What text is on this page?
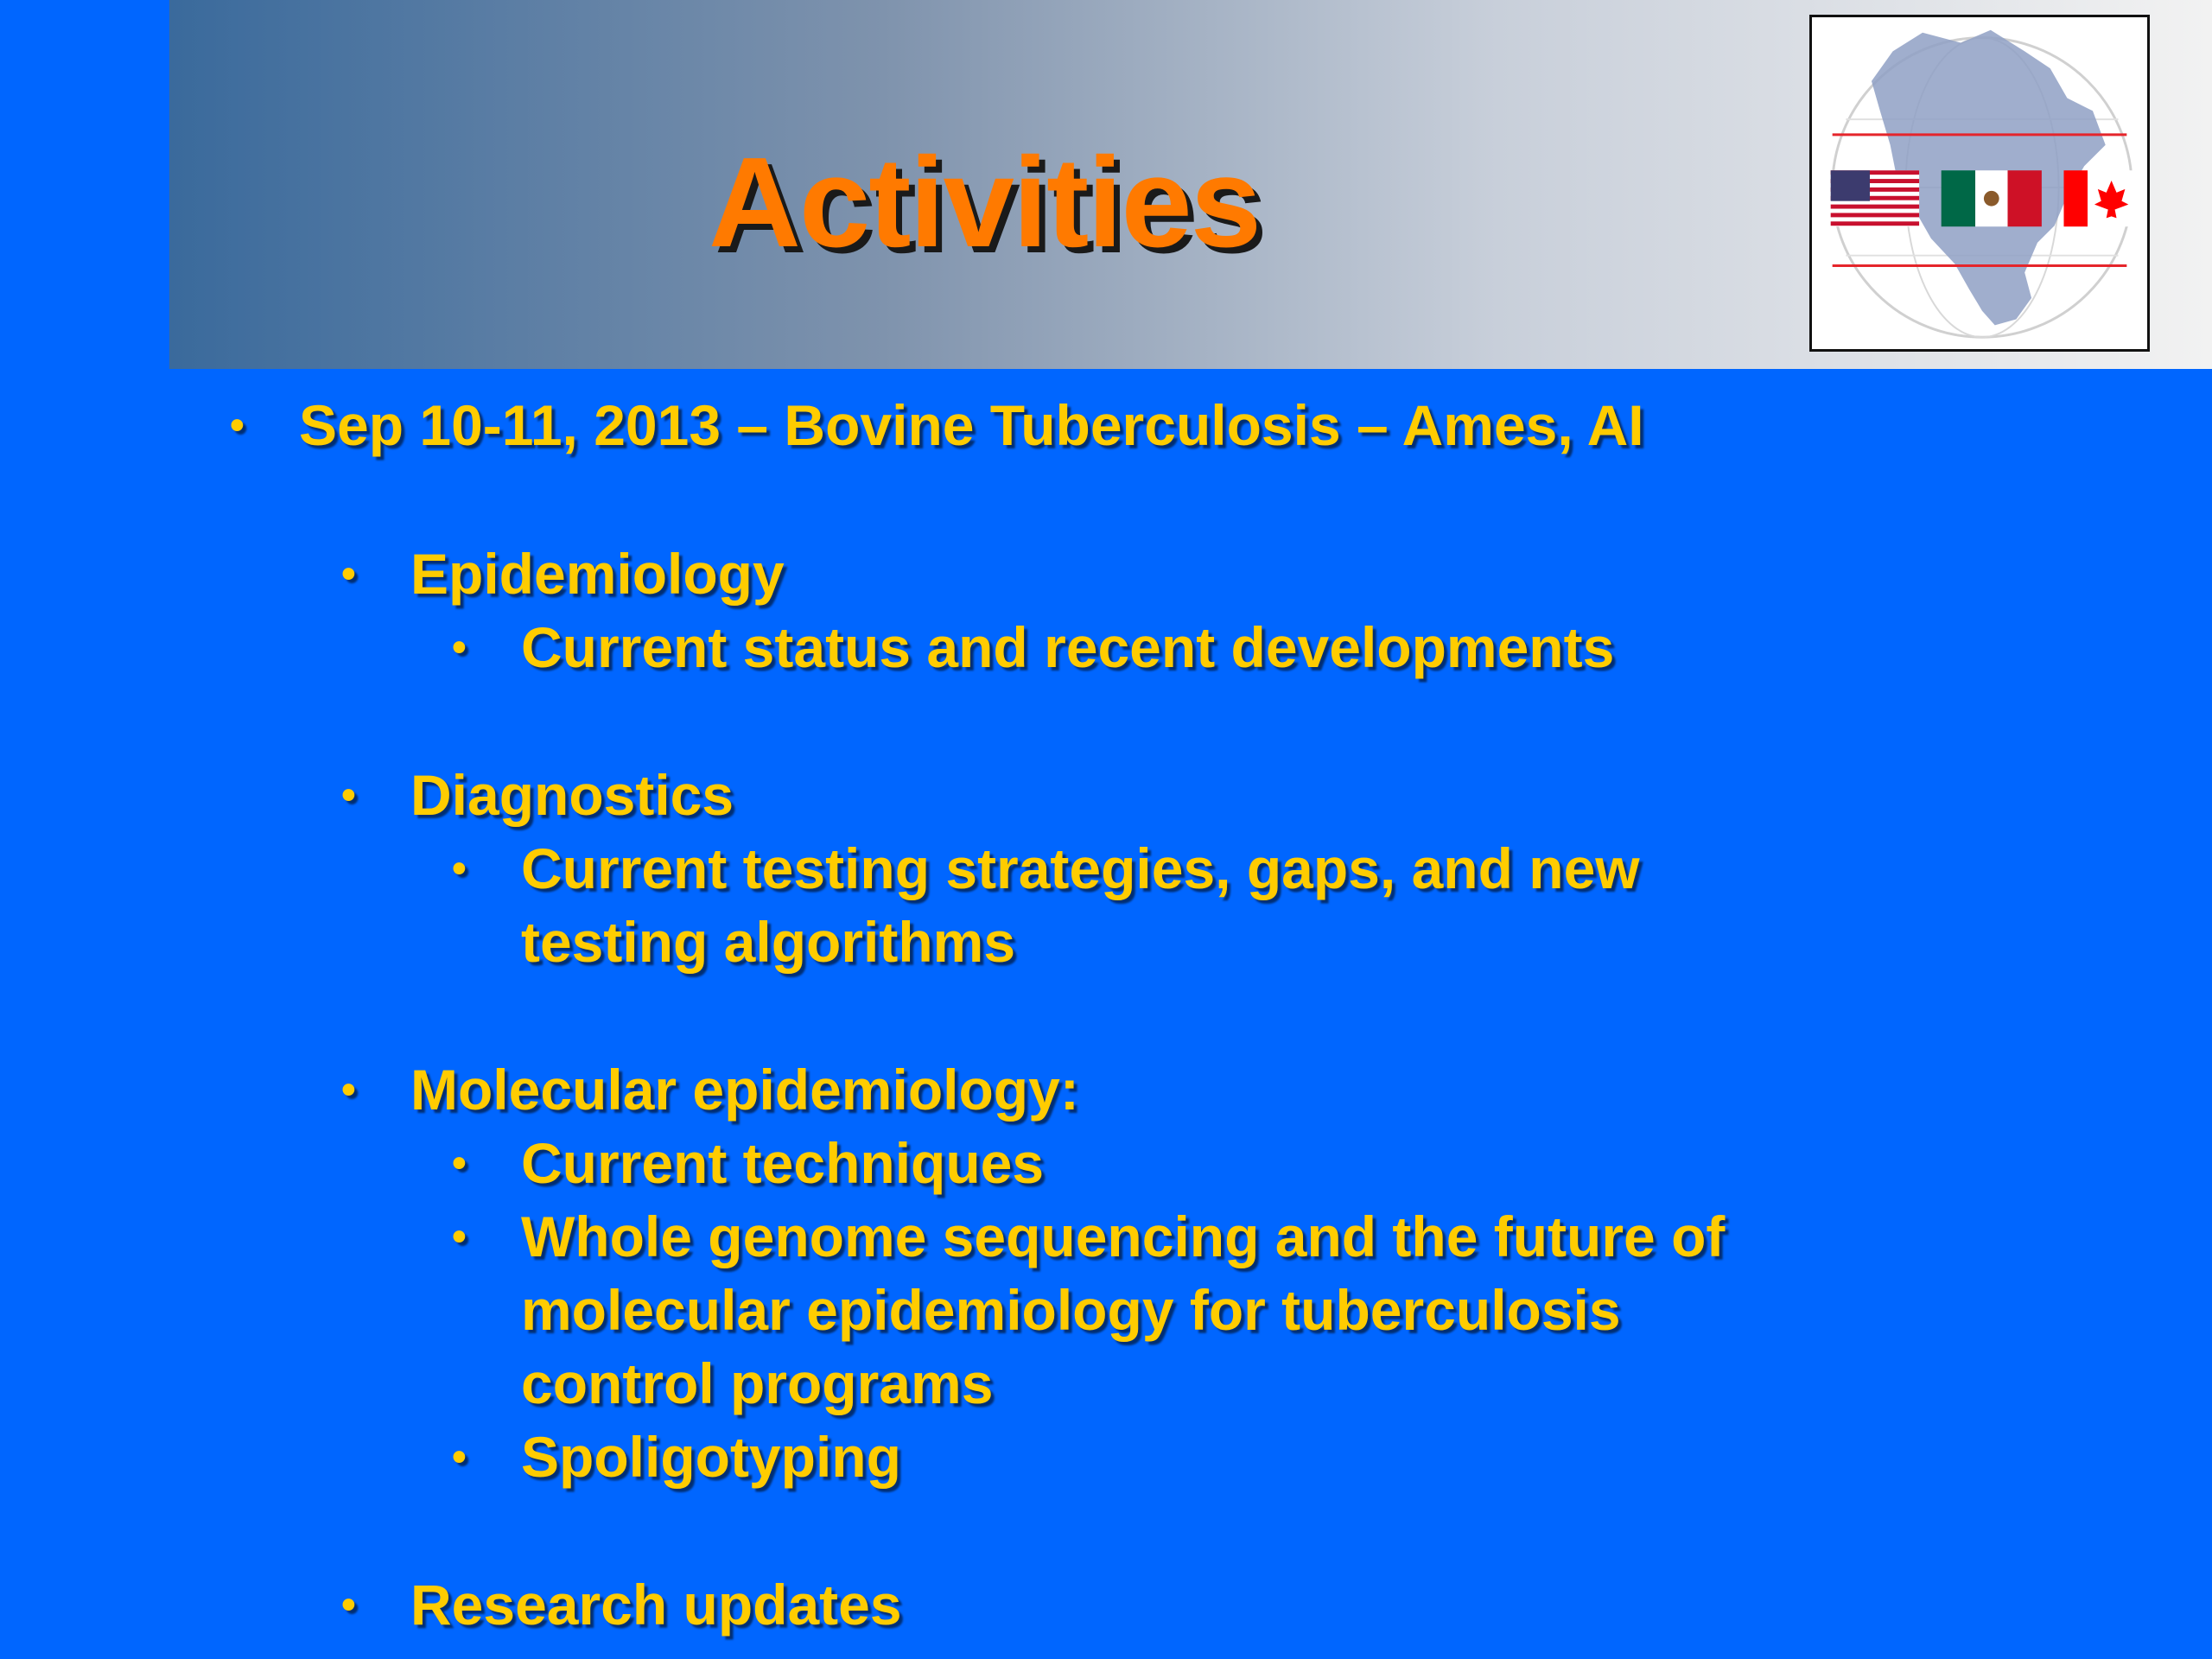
Activities
• Sep 10-11, 2013 – Bovine Tuberculosis – Ames, AI
• Epidemiology
• Current status and recent developments
• Diagnostics
• Current testing strategies, gaps, and new
testing algorithms
• Molecular epidemiology:
• Current techniques
• Whole genome sequencing and the future of
molecular epidemiology for tuberculosis
control programs
• Spoligotyping
• Research updates
